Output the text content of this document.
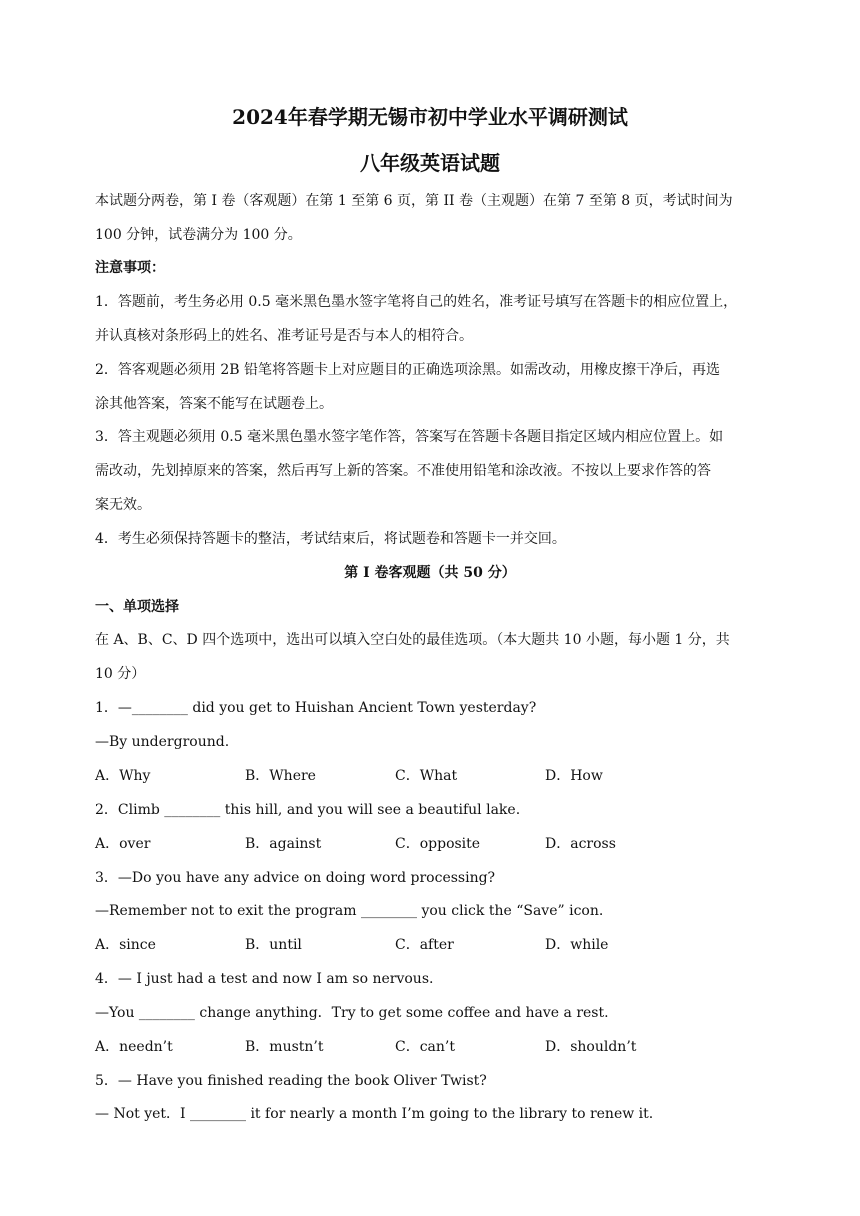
2024年春学期无锡市初中学业水平调研测试
八年级英语试题
本试题分两卷，第 I 卷（客观题）在第 1 至第 6 页，第 II 卷（主观题）在第 7 至第 8 页，考试时间为
100 分钟，试卷满分为 100 分。
注意事项：
1．答题前，考生务必用 0.5 毫米黑色墨水签字笔将自己的姓名，准考证号填写在答题卡的相应位置上，
并认真核对条形码上的姓名、准考证号是否与本人的相符合。
2．答客观题必须用 2B 铅笔将答题卡上对应题目的正确选项涂黑。如需改动，用橡皮擦干净后，再选
涂其他答案，答案不能写在试题卷上。
3．答主观题必须用 0.5 毫米黑色墨水签字笔作答，答案写在答题卡各题目指定区域内相应位置上。如
需改动，先划掉原来的答案，然后再写上新的答案。不准使用铅笔和涂改液。不按以上要求作答的答
案无效。
4．考生必须保持答题卡的整洁，考试结束后，将试题卷和答题卡一并交回。
第 I 卷客观题（共 50 分）
一、单项选择
在 A、B、C、D 四个选项中，选出可以填入空白处的最佳选项。（本大题共 10 小题，每小题 1 分，共
10 分）
1．—________ did you get to Huishan Ancient Town yesterday?
—By underground.
A．Why	B．Where	C．What	D．How
2．Climb ________ this hill, and you will see a beautiful lake.
A．over	B．against	C．opposite	D．across
3．—Do you have any advice on doing word processing?
—Remember not to exit the program ________ you click the “Save” icon.
A．since	B．until	C．after	D．while
4．— I just had a test and now I am so nervous.
—You ________ change anything．Try to get some coffee and have a rest.
A．needn’t	B．mustn’t	C．can’t	D．shouldn’t
5．— Have you finished reading the book Oliver Twist?
— Not yet．I ________ it for nearly a month I’m going to the library to renew it.
